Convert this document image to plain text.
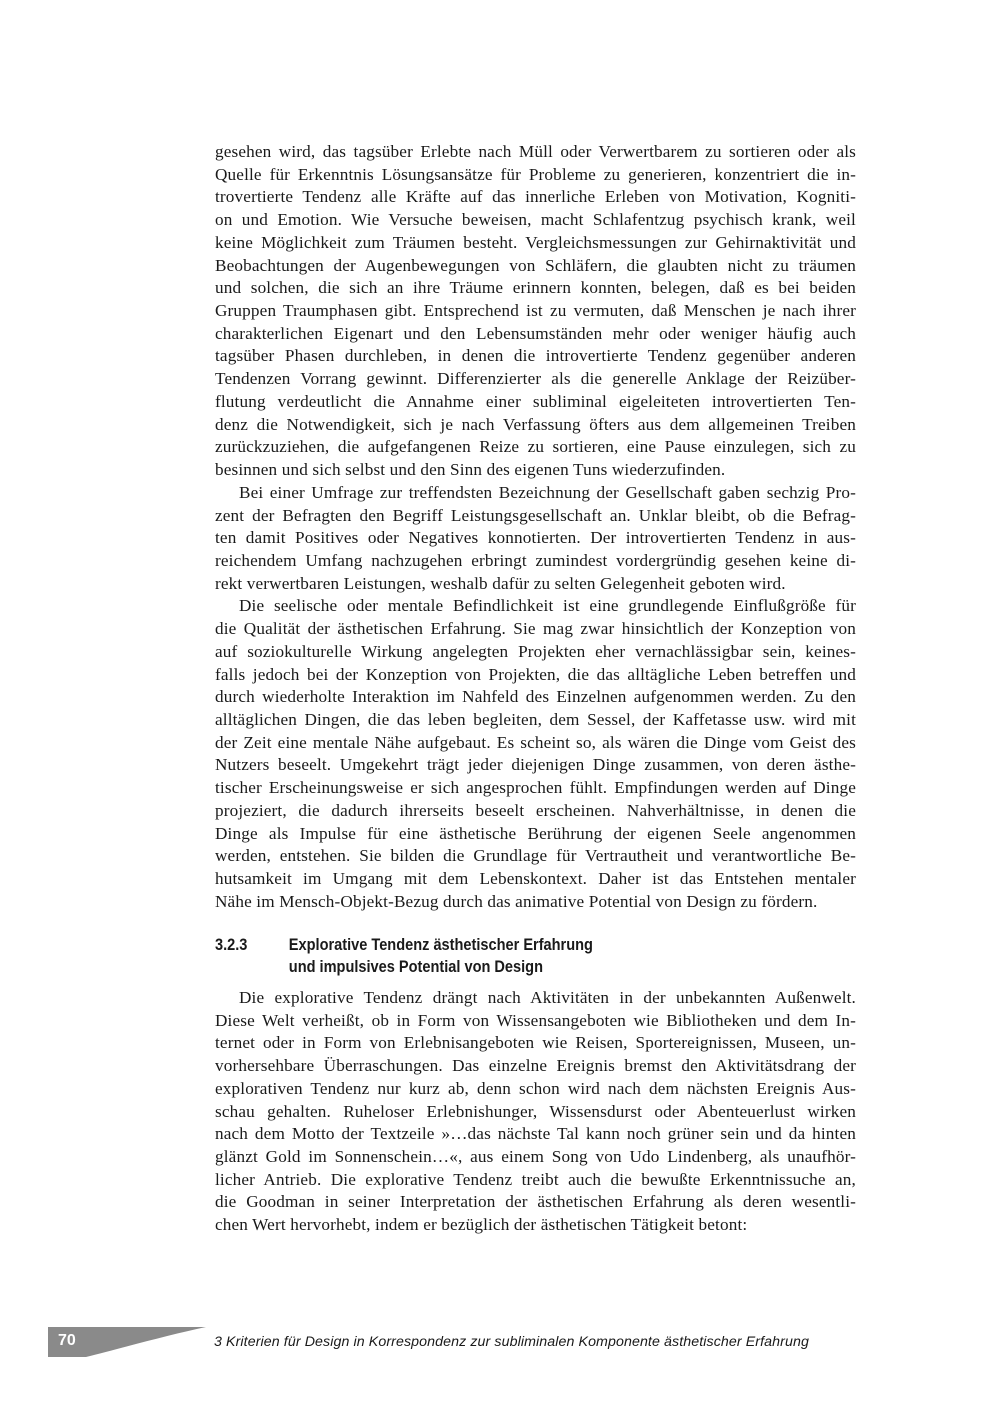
gesehen wird, das tagsüber Erlebte nach Müll oder Verwertbarem zu sortieren oder als
Quelle für Erkenntnis Lösungsansätze für Probleme zu generieren, konzentriert die in-
trovertierte Tendenz alle Kräfte auf das innerliche Erleben von Motivation, Kogniti-
on und Emotion. Wie Versuche beweisen, macht Schlafentzug psychisch krank, weil
keine Möglichkeit zum Träumen besteht. Vergleichsmessungen zur Gehirnaktivität und
Beobachtungen der Augenbewegungen von Schläfern, die glaubten nicht zu träumen
und solchen, die sich an ihre Träume erinnern konnten, belegen, daß es bei beiden
Gruppen Traumphasen gibt. Entsprechend ist zu vermuten, daß Menschen je nach ihrer
charakterlichen Eigenart und den Lebensumständen mehr oder weniger häufig auch
tagsüber Phasen durchleben, in denen die introvertierte Tendenz gegenüber anderen
Tendenzen Vorrang gewinnt. Differenzierter als die generelle Anklage der Reizüber-
flutung verdeutlicht die Annahme einer subliminal eigeleiteten introvertierten Ten-
denz die Notwendigkeit, sich je nach Verfassung öfters aus dem allgemeinen Treiben
zurückzuziehen, die aufgefangenen Reize zu sortieren, eine Pause einzulegen, sich zu
besinnen und sich selbst und den Sinn des eigenen Tuns wiederzufinden.
Bei einer Umfrage zur treffendsten Bezeichnung der Gesellschaft gaben sechzig Pro-
zent der Befragten den Begriff Leistungsgesellschaft an. Unklar bleibt, ob die Befrag-
ten damit Positives oder Negatives konnotierten. Der introvertierten Tendenz in aus-
reichendem Umfang nachzugehen erbringt zumindest vordergründig gesehen keine di-
rekt verwertbaren Leistungen, weshalb dafür zu selten Gelegenheit geboten wird.
Die seelische oder mentale Befindlichkeit ist eine grundlegende Einflußgröße für
die Qualität der ästhetischen Erfahrung. Sie mag zwar hinsichtlich der Konzeption von
auf soziokulturelle Wirkung angelegten Projekten eher vernachlässigbar sein, keines-
falls jedoch bei der Konzeption von Projekten, die das alltägliche Leben betreffen und
durch wiederholte Interaktion im Nahfeld des Einzelnen aufgenommen werden. Zu den
alltäglichen Dingen, die das leben begleiten, dem Sessel, der Kaffetasse usw. wird mit
der Zeit eine mentale Nähe aufgebaut. Es scheint so, als wären die Dinge vom Geist des
Nutzers beseelt. Umgekehrt trägt jeder diejenigen Dinge zusammen, von deren ästhe-
tischer Erscheinungsweise er sich angesprochen fühlt. Empfindungen werden auf Dinge
projeziert, die dadurch ihrerseits beseelt erscheinen. Nahverhältnisse, in denen die
Dinge als Impulse für eine ästhetische Berührung der eigenen Seele angenommen
werden, entstehen. Sie bilden die Grundlage für Vertrautheit und verantwortliche Be-
hutsamkeit im Umgang mit dem Lebenskontext. Daher ist das Entstehen mentaler
Nähe im Mensch-Objekt-Bezug durch das animative Potential von Design zu fördern.
3.2.3	Explorative Tendenz ästhetischer Erfahrung
und impulsives Potential von Design
Die explorative Tendenz drängt nach Aktivitäten in der unbekannten Außenwelt.
Diese Welt verheißt, ob in Form von Wissensangeboten wie Bibliotheken und dem In-
ternet oder in Form von Erlebnisangeboten wie Reisen, Sportereignissen, Museen, un-
vorhersehbare Überraschungen. Das einzelne Ereignis bremst den Aktivitätsdrang der
explorativen Tendenz nur kurz ab, denn schon wird nach dem nächsten Ereignis Aus-
schau gehalten. Ruheloser Erlebnishunger, Wissensdurst oder Abenteuerlust wirken
nach dem Motto der Textzeile »…das nächste Tal kann noch grüner sein und da hinten
glänzt Gold im Sonnenschein…«, aus einem Song von Udo Lindenberg, als unaufhör-
licher Antrieb. Die explorative Tendenz treibt auch die bewußte Erkenntnissuche an,
die Goodman in seiner Interpretation der ästhetischen Erfahrung als deren wesentli-
chen Wert hervorhebt, indem er bezüglich der ästhetischen Tätigkeit betont:
70	3 Kriterien für Design in Korrespondenz zur subliminalen Komponente ästhetischer Erfahrung
